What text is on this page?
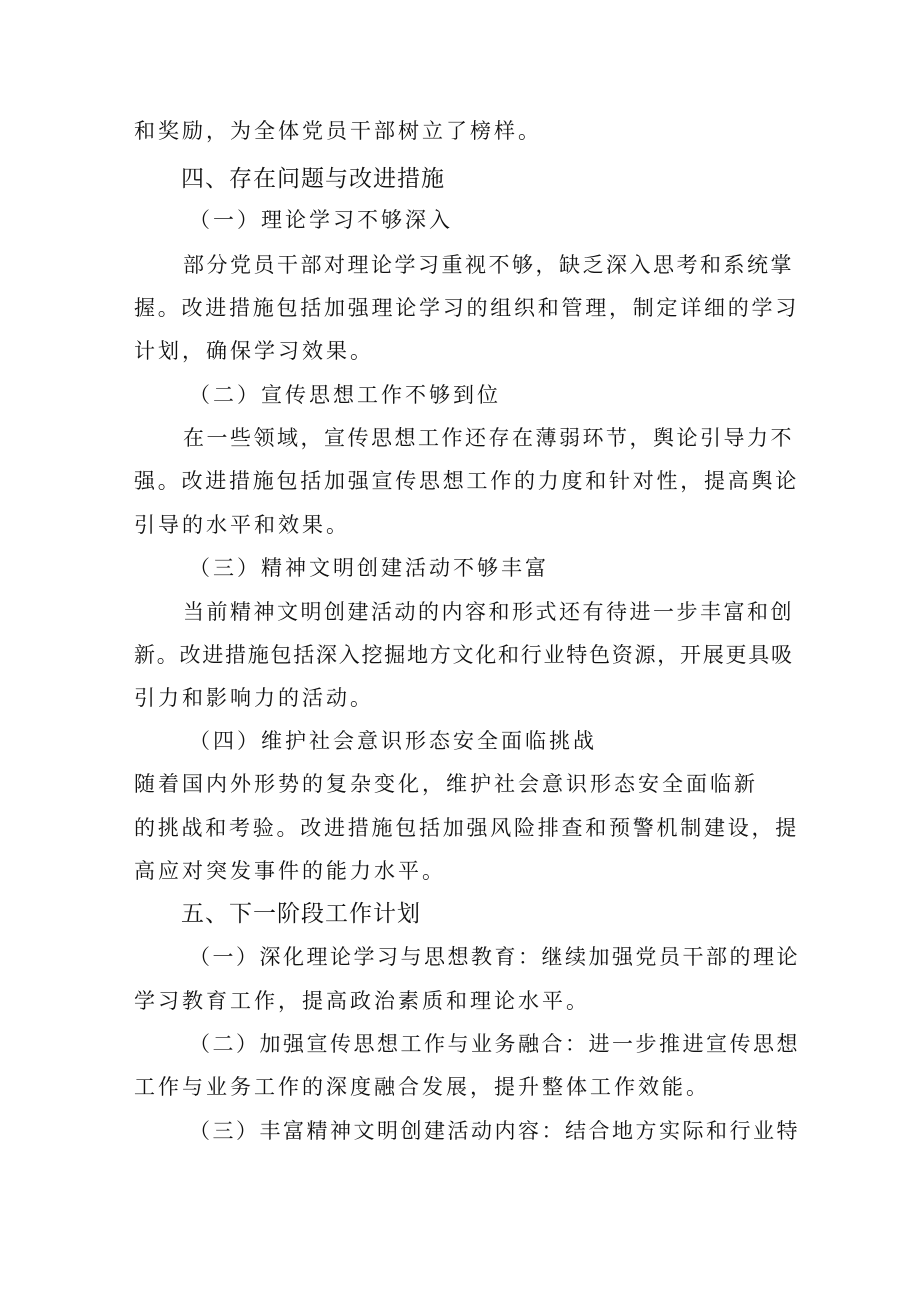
和奖励，为全体党员干部树立了榜样。
四、存在问题与改进措施
（一）理论学习不够深入
部分党员干部对理论学习重视不够，缺乏深入思考和系统掌
握。改进措施包括加强理论学习的组织和管理，制定详细的学习
计划，确保学习效果。
（二）宣传思想工作不够到位
在一些领域，宣传思想工作还存在薄弱环节，舆论引导力不
强。改进措施包括加强宣传思想工作的力度和针对性，提高舆论
引导的水平和效果。
（三）精神文明创建活动不够丰富
当前精神文明创建活动的内容和形式还有待进一步丰富和创
新。改进措施包括深入挖掘地方文化和行业特色资源，开展更具吸
引力和影响力的活动。
（四）维护社会意识形态安全面临挑战
随着国内外形势的复杂变化，维护社会意识形态安全面临新
的挑战和考验。改进措施包括加强风险排查和预警机制建设，提
高应对突发事件的能力水平。
五、下一阶段工作计划
（一）深化理论学习与思想教育：继续加强党员干部的理论
学习教育工作，提高政治素质和理论水平。
（二）加强宣传思想工作与业务融合：进一步推进宣传思想
工作与业务工作的深度融合发展，提升整体工作效能。
（三）丰富精神文明创建活动内容：结合地方实际和行业特
